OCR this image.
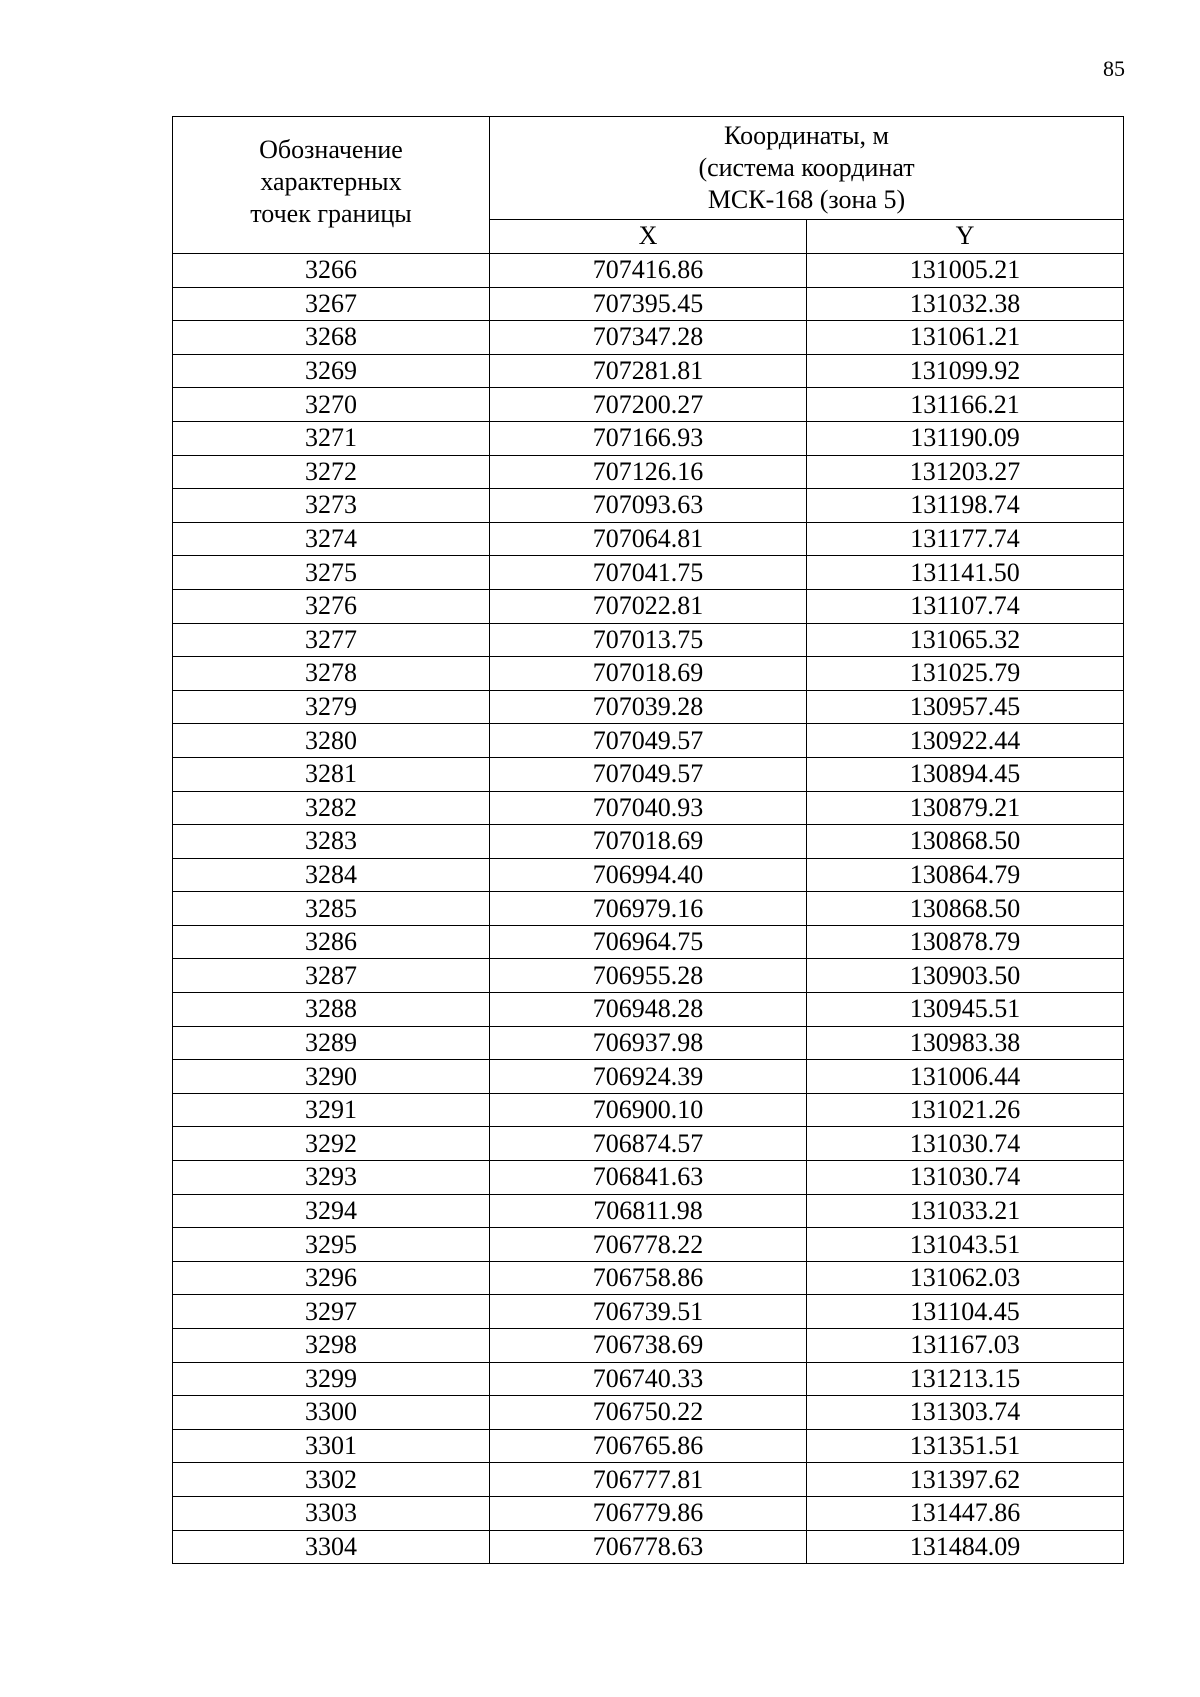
85
Обозначение
характерных
точек границы	Координаты, м
(система координат
МСК-168 (зона 5)	

	X	Y
3266	707416.86	131005.21
3267	707395.45	131032.38
3268	707347.28	131061.21
3269	707281.81	131099.92
3270	707200.27	131166.21
3271	707166.93	131190.09
3272	707126.16	131203.27
3273	707093.63	131198.74
3274	707064.81	131177.74
3275	707041.75	131141.50
3276	707022.81	131107.74
3277	707013.75	131065.32
3278	707018.69	131025.79
3279	707039.28	130957.45
3280	707049.57	130922.44
3281	707049.57	130894.45
3282	707040.93	130879.21
3283	707018.69	130868.50
3284	706994.40	130864.79
3285	706979.16	130868.50
3286	706964.75	130878.79
3287	706955.28	130903.50
3288	706948.28	130945.51
3289	706937.98	130983.38
3290	706924.39	131006.44
3291	706900.10	131021.26
3292	706874.57	131030.74
3293	706841.63	131030.74
3294	706811.98	131033.21
3295	706778.22	131043.51
3296	706758.86	131062.03
3297	706739.51	131104.45
3298	706738.69	131167.03
3299	706740.33	131213.15
3300	706750.22	131303.74
3301	706765.86	131351.51
3302	706777.81	131397.62
3303	706779.86	131447.86
3304	706778.63	131484.09
